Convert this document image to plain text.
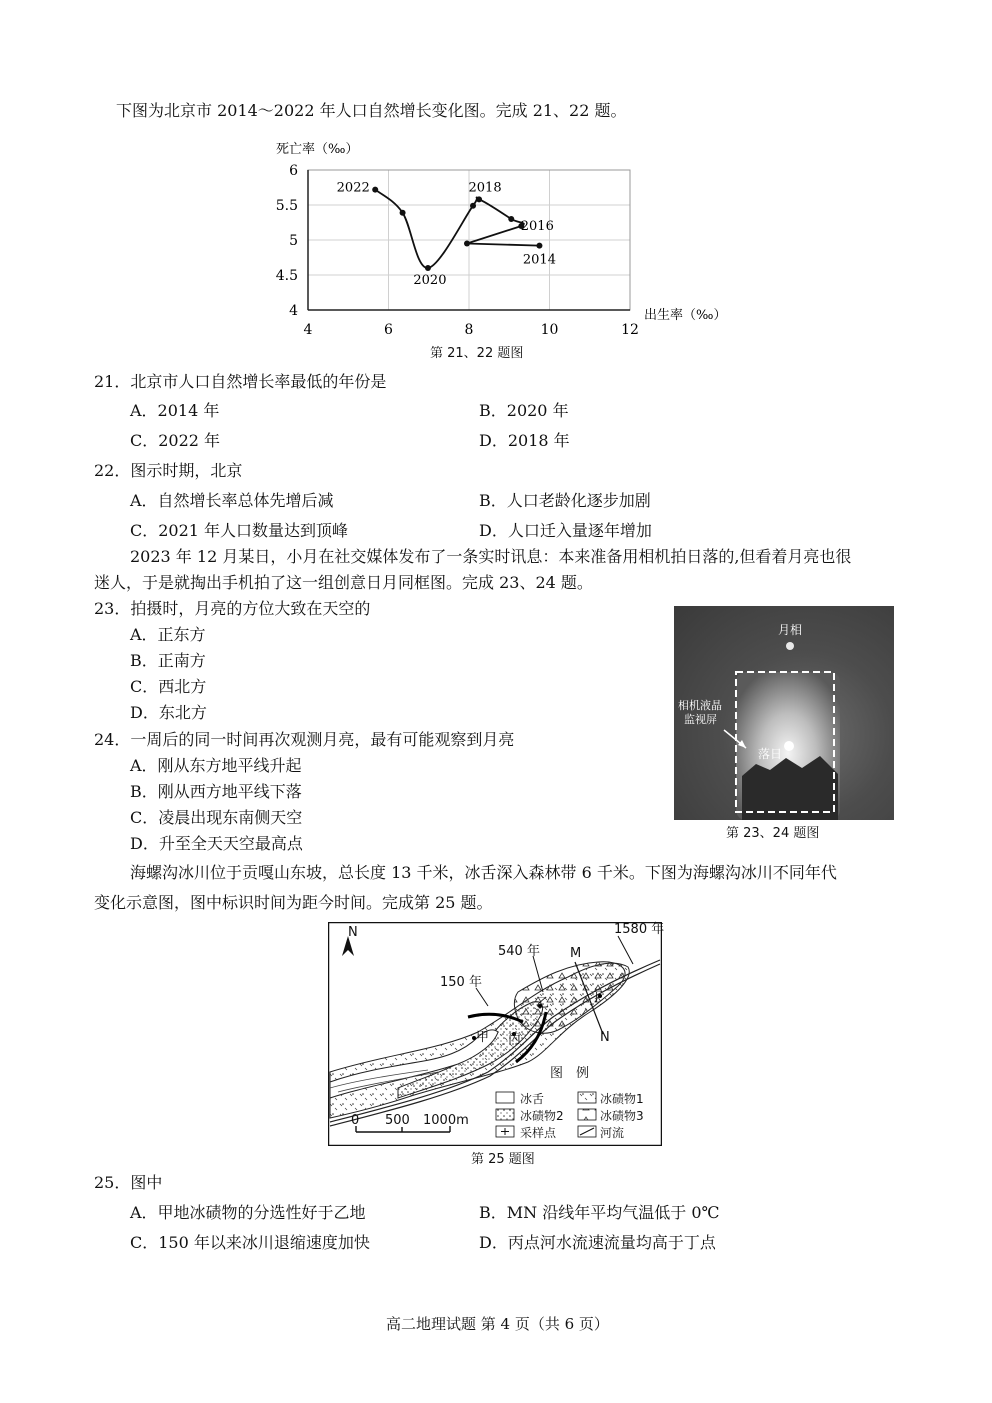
下图为北京市 2014～2022 年人口自然增长变化图。完成 21、22 题。
2014
2016
2018
2020
2022
4	6	8	10	12
4
4.5
5
5.5
6
死亡率（‰）
出生率（‰）
第 21、22 题图
21．北京市人口自然增长率最低的年份是
A．2014 年	B．2020 年
C．2022 年	D．2018 年
22．图示时期，北京
A．自然增长率总体先增后减	B．人口老龄化逐步加剧
C．2021 年人口数量达到顶峰	D．人口迁入量逐年增加
2023 年 12 月某日，小月在社交媒体发布了一条实时讯息：本来准备用相机拍日落的,但看着月亮也很
迷人，于是就掏出手机拍了这一组创意日月同框图。完成 23、24 题。
23．拍摄时，月亮的方位大致在天空的
A．正东方
B．正南方
C．西北方
D．东北方
24．一周后的同一时间再次观测月亮，最有可能观察到月亮
A．刚从东方地平线升起
B．刚从西方地平线下落
C．凌晨出现东南侧天空
D．升至全天天空最高点
月相
相机液晶
监视屏
落日
第 23、24 题图
海螺沟冰川位于贡嘎山东坡，总长度 13 千米，冰舌深入森林带 6 千米。下图为海螺沟冰川不同年代
变化示意图，图中标识时间为距今时间。完成第 25 题。
N
540 年
1580 年
150 年
M
N
甲
乙
丙
丁
图　例
冰舌	冰碛物1
冰碛物2	冰碛物3
采样点	河流
0 500 1000m
第 25 题图
25．图中
A．甲地冰碛物的分选性好于乙地	B．MN 沿线年平均气温低于 0℃
C．150 年以来冰川退缩速度加快	D．丙点河水流速流量均高于丁点
高二地理试题 第 4 页（共 6 页）
